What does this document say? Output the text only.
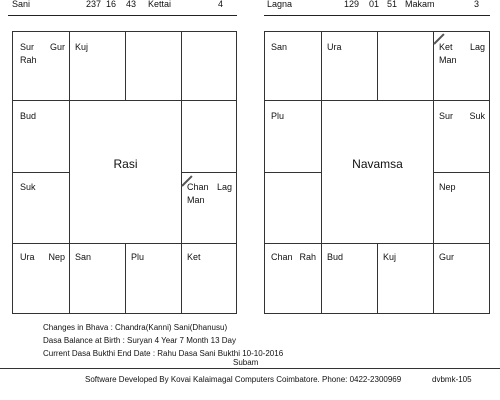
Sani	237 16 43 Kettai	4	Lagna	129 01 51 Makam	3
Sur Gur
Rah
Kuj
Bud
Suk	Chan Lag
Man
Ura Nep San	Plu	Ket
Rasi
San	Ura	Ket Lag
Man
Plu	Sur Suk
Nep
Chan Rah Bud	Kuj	Gur
Navamsa
Changes in Bhava : Chandra(Kanni) Sani(Dhanusu)
Dasa Balance at Birth : Suryan 4 Year 7 Month 13 Day
Current Dasa Bukthi End Date : Rahu Dasa Sani Bukthi 10-10-2016
Subam
Software Developed By Kovai Kalaimagal Computers Coimbatore. Phone: 0422-2300969	dvbmk-105
